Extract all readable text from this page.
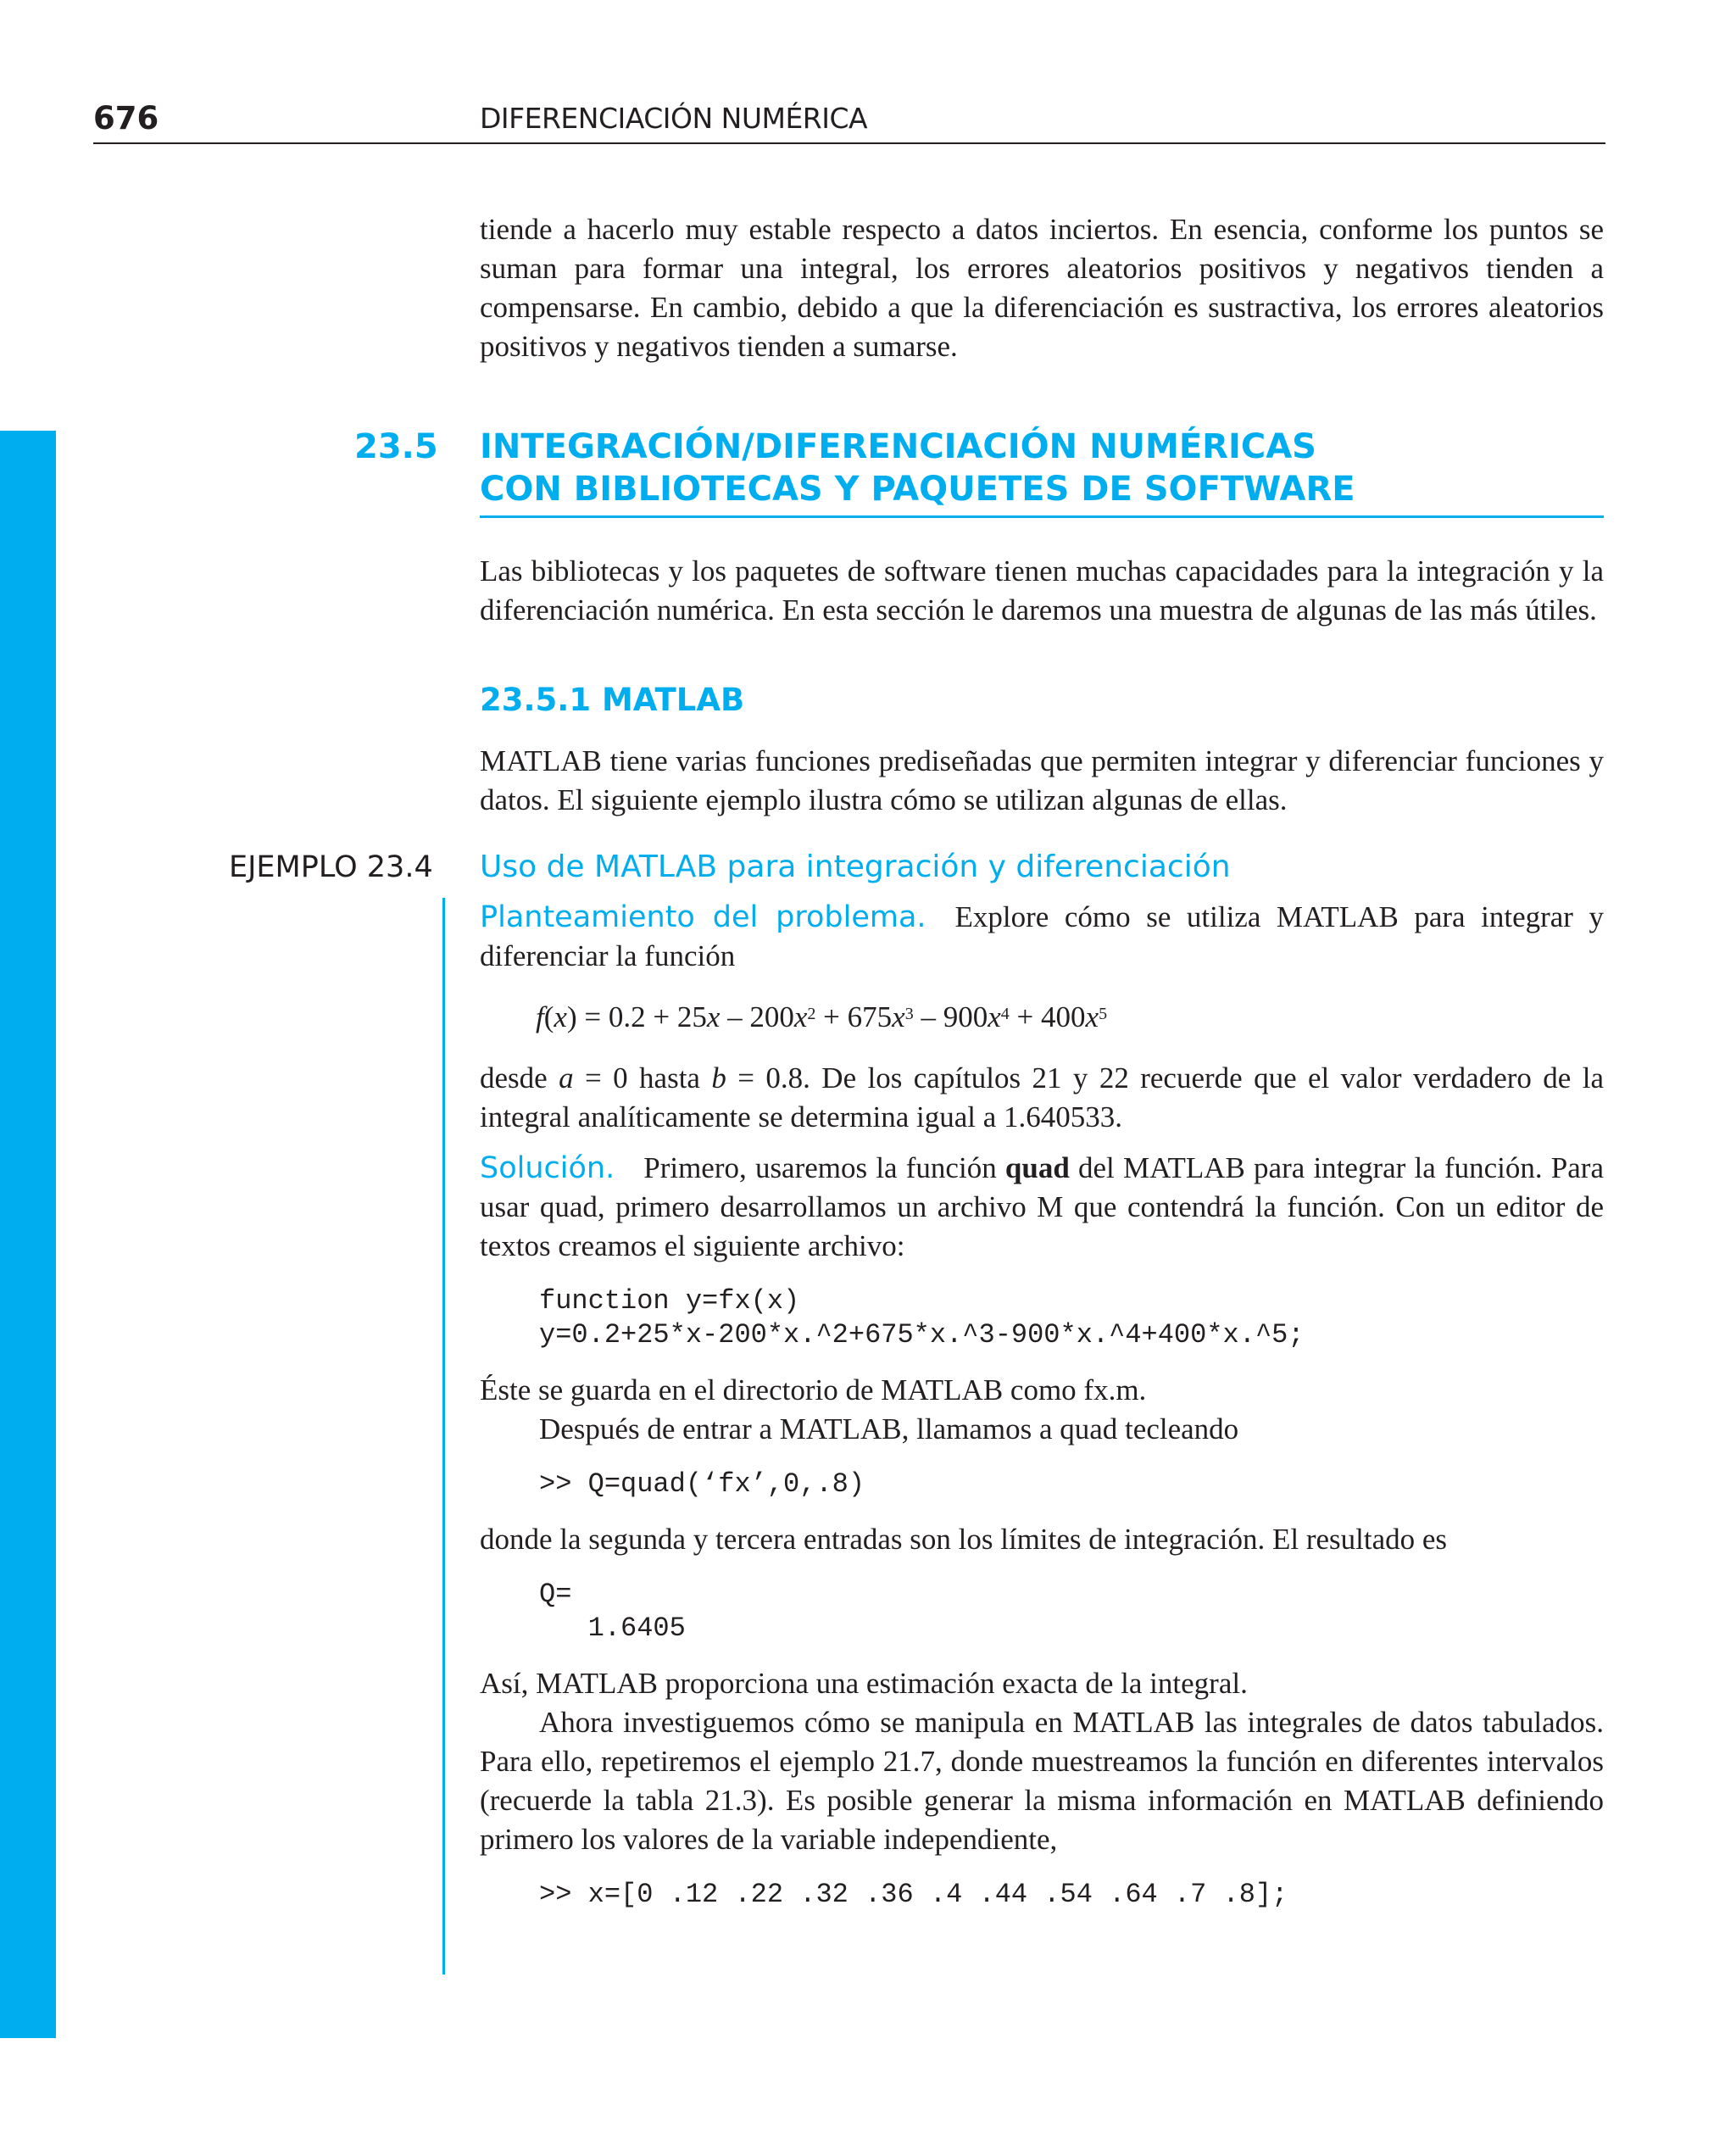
676	DIFERENCIACIÓN NUMÉRICA

tiende a hacerlo muy estable respecto a datos inciertos. En esencia, conforme los puntos se suman para formar una integral, los errores aleatorios positivos y negativos tienden a compensarse. En cambio, debido a que la diferenciación es sustractiva, los errores aleatorios positivos y negativos tienden a sumarse.

23.5 INTEGRACIÓN/DIFERENCIACIÓN NUMÉRICAS
CON BIBLIOTECAS Y PAQUETES DE SOFTWARE

Las bibliotecas y los paquetes de software tienen muchas capacidades para la integración y la diferenciación numérica. En esta sección le daremos una muestra de algunas de las más útiles.

23.5.1 MATLAB

MATLAB tiene varias funciones prediseñadas que permiten integrar y diferenciar funciones y datos. El siguiente ejemplo ilustra cómo se utilizan algunas de ellas.

EJEMPLO 23.4 Uso de MATLAB para integración y diferenciación

Planteamiento del problema. Explore cómo se utiliza MATLAB para integrar y diferenciar la función

$f(x) = 0.2 + 25x - 200x^2 + 675x^3 - 900x^4 + 400x^5$

desde a = 0 hasta b = 0.8. De los capítulos 21 y 22 recuerde que el valor verdadero de la integral analíticamente se determina igual a 1.640533.

Solución. Primero, usaremos la función quad del MATLAB para integrar la función. Para usar quad, primero desarrollamos un archivo M que contendrá la función. Con un editor de textos creamos el siguiente archivo:

function y=fx(x)
y=0.2+25*x-200*x.^2+675*x.^3-900*x.^4+400*x.^5;

Éste se guarda en el directorio de MATLAB como fx.m.

Después de entrar a MATLAB, llamamos a quad tecleando

>> Q=quad(‘fx’,0,.8)

donde la segunda y tercera entradas son los límites de integración. El resultado es

Q=
1.6405

Así, MATLAB proporciona una estimación exacta de la integral.

Ahora investiguemos cómo se manipula en MATLAB las integrales de datos tabulados. Para ello, repetiremos el ejemplo 21.7, donde muestreamos la función en diferentes intervalos (recuerde la tabla 21.3). Es posible generar la misma información en MATLAB definiendo primero los valores de la variable independiente,

>> x=[0 .12 .22 .32 .36 .4 .44 .54 .64 .7 .8];
